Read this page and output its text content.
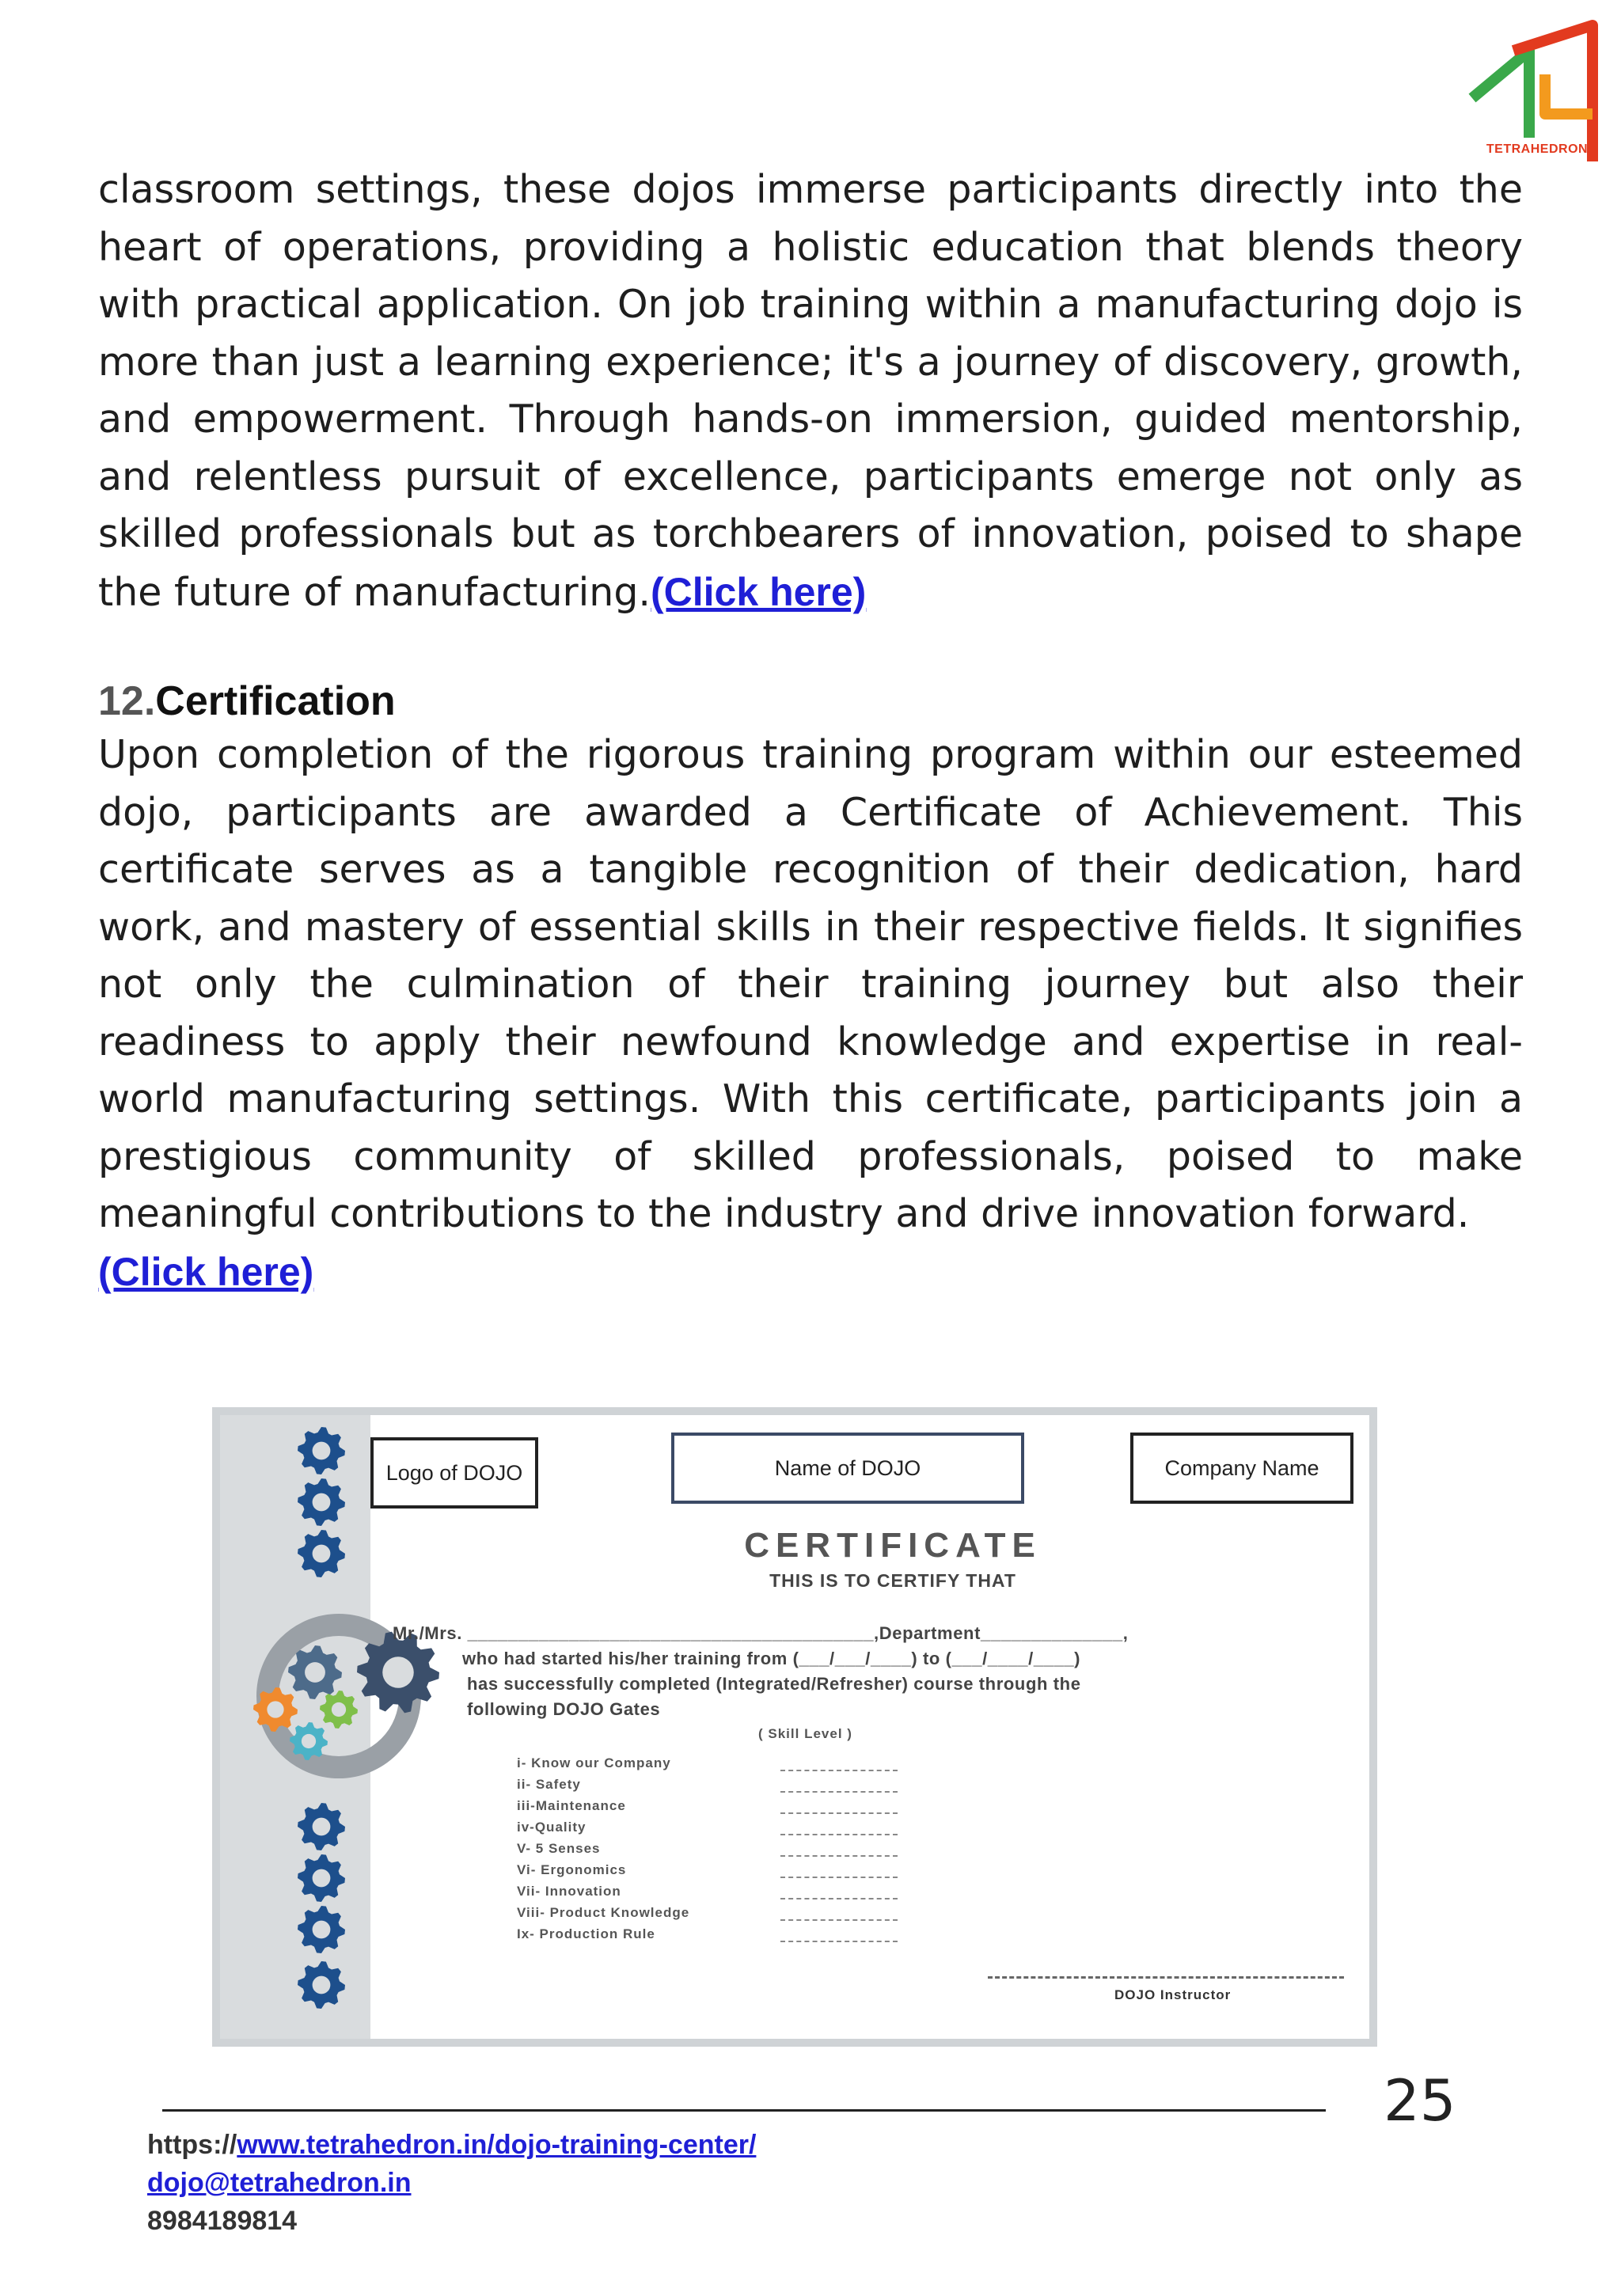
TETRAHEDRON
classroom settings, these dojos immerse participants directly into the
heart of operations, providing a holistic education that blends theory
with practical application. On job training within a manufacturing dojo is
more than just a learning experience; it's a journey of discovery, growth,
and empowerment. Through hands-on immersion, guided mentorship,
and relentless pursuit of excellence, participants emerge not only as
skilled professionals but as torchbearers of innovation, poised to shape
the future of manufacturing.(Click here)
12.Certification
Upon completion of the rigorous training program within our esteemed
dojo, participants are awarded a Certificate of Achievement. This
certificate serves as a tangible recognition of their dedication, hard
work, and mastery of essential skills in their respective fields. It signifies
not only the culmination of their training journey but also their
readiness to apply their newfound knowledge and expertise in real-
world manufacturing settings. With this certificate, participants join a
prestigious community of skilled professionals, poised to make
meaningful contributions to the industry and drive innovation forward.
(Click here)
Logo of DOJO	Name of DOJO	Company Name
CERTIFICATE
THIS IS TO CERTIFY THAT
Mr./Mrs. ________________________________________,Department______________,
who had started his/her training from (___/___/____) to (___/____/____)
has successfully completed (Integrated/Refresher) course through the
following DOJO Gates
( Skill Level )
i- Know our Company
ii- Safety
iii-Maintenance
iv-Quality
V- 5 Senses
Vi- Ergonomics
Vii- Innovation
Viii- Product Knowledge
Ix- Production Rule
DOJO Instructor
25
https://www.tetrahedron.in/dojo-training-center/
dojo@tetrahedron.in
8984189814
